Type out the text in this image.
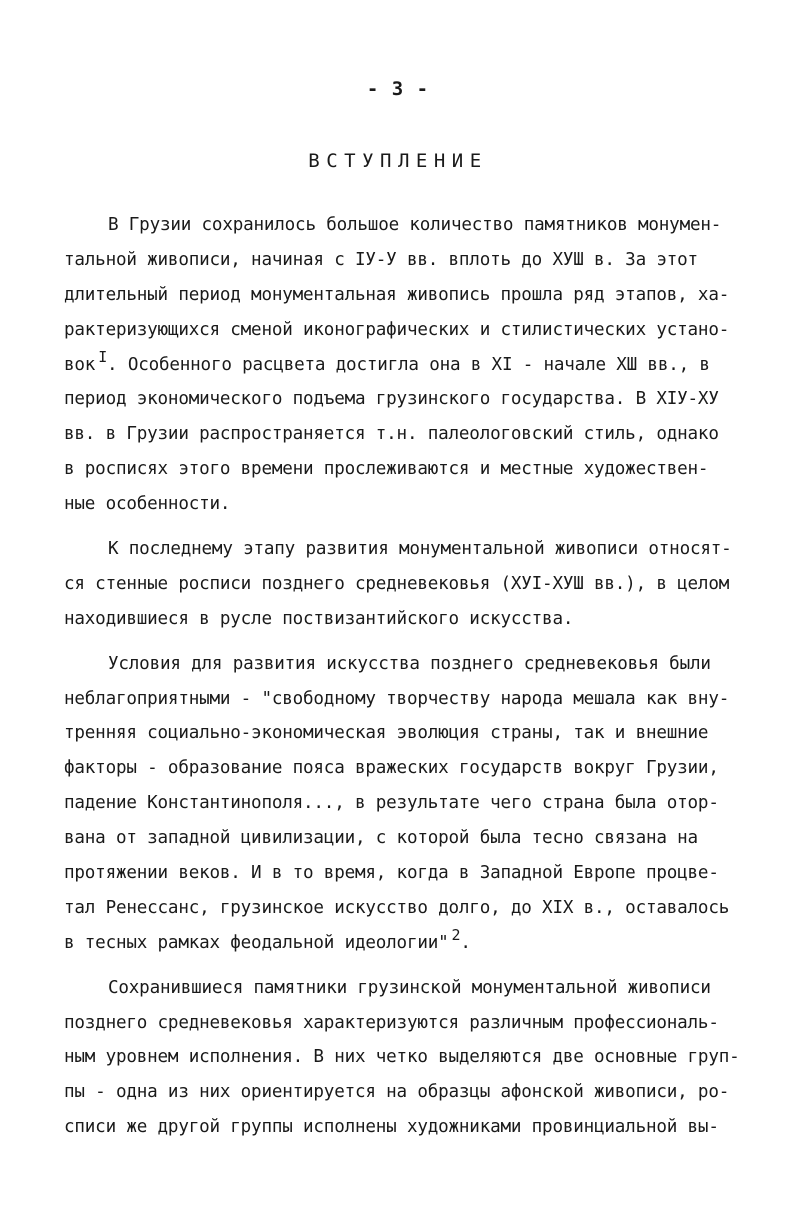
- 3 -
ВСТУПЛЕНИЕ
В Грузии сохранилось большое количество памятников монумен-
тальной живописи, начиная с IУ-У вв. вплоть до ХУШ в. За этот
длительный период монументальная живопись прошла ряд этапов, ха-
рактеризующихся сменой иконографических и стилистических устано-
вок I. Особенного расцвета достигла она в XI - начале ХШ вв., в
период экономического подъема грузинского государства. В XIУ-ХУ
вв. в Грузии распространяется т.н. палеологовский стиль, однако
в росписях этого времени прослеживаются и местные художествен-
ные особенности.
К последнему этапу развития монументальной живописи относят-
ся стенные росписи позднего средневековья (ХУI-ХУШ вв.), в целом
находившиеся в русле поствизантийского искусства.
Условия для развития искусства позднего средневековья были
неблагоприятными - "свободному творчеству народа мешала как вну-
тренняя социально-экономическая эволюция страны, так и внешние
факторы - образование пояса вражеских государств вокруг Грузии,
падение Константинополя..., в результате чего страна была отор-
вана от западной цивилизации, с которой была тесно связана на
протяжении веков. И в то время, когда в Западной Европе процве-
тал Ренессанс, грузинское искусство долго, до XIX в., оставалось
в тесных рамках феодальной идеологии" 2.
Сохранившиеся памятники грузинской монументальной живописи
позднего средневековья характеризуются различным профессиональ-
ным уровнем исполнения. В них четко выделяются две основные груп-
пы - одна из них ориентируется на образцы афонской живописи, ро-
списи же другой группы исполнены художниками провинциальной вы-
